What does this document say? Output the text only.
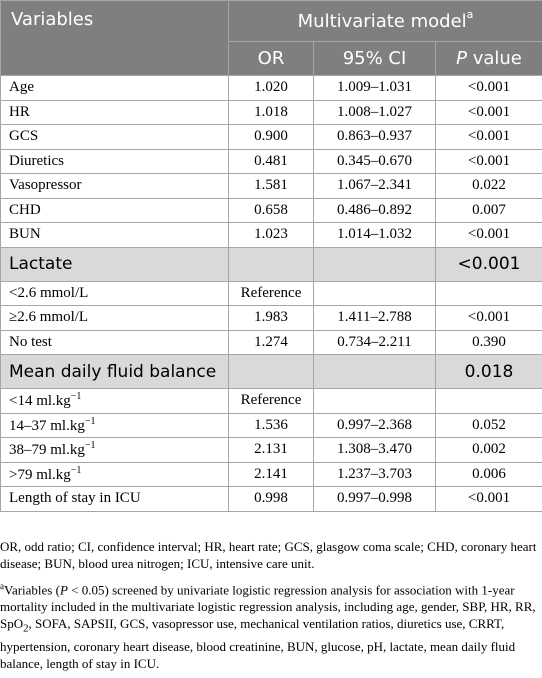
Variables	Multivariate model$^a$
	OR	95% CI	P value
Age	1.020	1.009–1.031	<0.001
HR	1.018	1.008–1.027	<0.001
GCS	0.900	0.863–0.937	<0.001
Diuretics	0.481	0.345–0.670	<0.001
Vasopressor	1.581	1.067–2.341	0.022
CHD	0.658	0.486–0.892	0.007
BUN	1.023	1.014–1.032	<0.001
Lactate			<0.001
<2.6 mmol/L	Reference		
≥2.6 mmol/L	1.983	1.411–2.788	<0.001
No test	1.274	0.734–2.211	0.390
Mean daily fluid balance			0.018
<14 $ml.kg^{-1}$	Reference		
14–37 $ml.kg^{-1}$	1.536	0.997–2.368	0.052
38–79 $ml.kg^{-1}$	2.131	1.308–3.470	0.002
>79 $ml.kg^{-1}$	2.141	1.237–3.703	0.006
Length of stay in ICU	0.998	0.997–0.998	<0.001

OR, odd ratio; CI, confidence interval; HR, heart rate; GCS, glasgow coma scale; CHD, coronary heart disease; BUN, blood urea nitrogen; ICU, intensive care unit.

$^a$Variables (P < 0.05) screened by univariate logistic regression analysis for association with 1-year mortality included in the multivariate logistic regression analysis, including age, gender, SBP, HR, RR, SpO$_2$, SOFA, SAPSII, GCS, vasopressor use, mechanical ventilation ratios, diuretics use, CRRT, hypertension, coronary heart disease, blood creatinine, BUN, glucose, pH, lactate, mean daily fluid balance, length of stay in ICU.
